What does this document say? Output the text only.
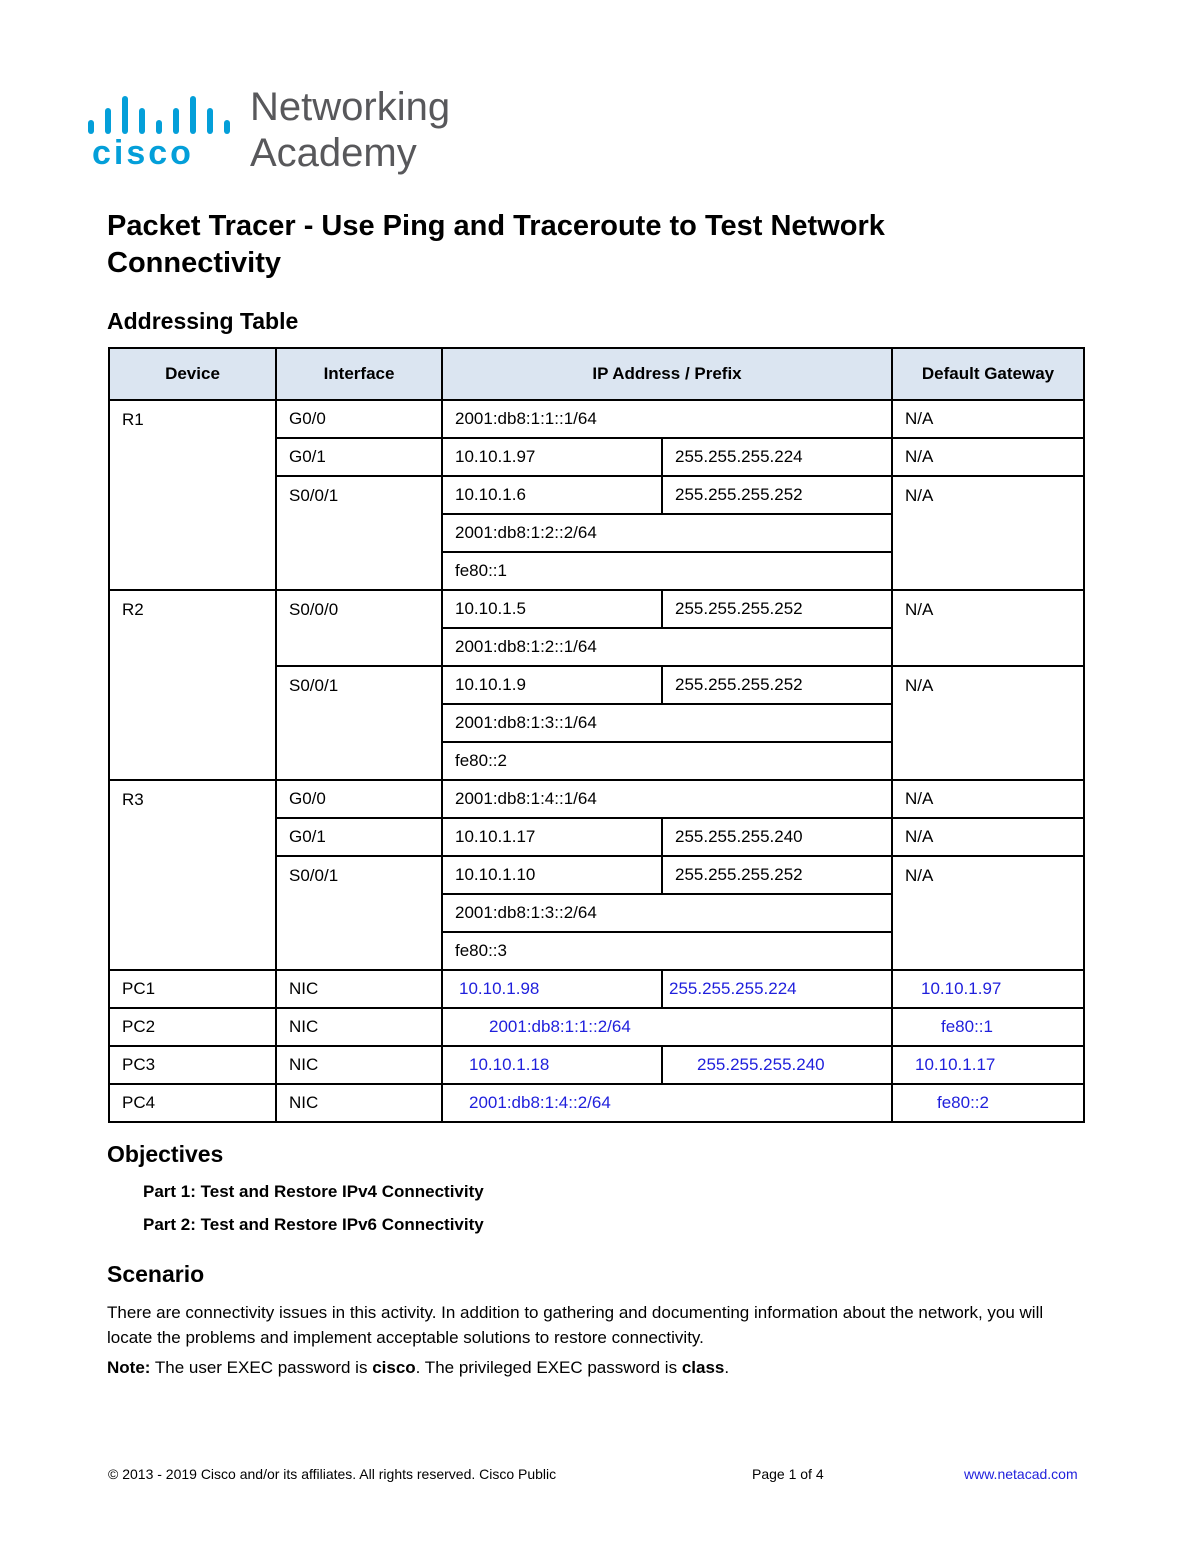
cisco
Networking
Academy
Packet Tracer - Use Ping and Traceroute to Test Network Connectivity
Addressing Table
Device	Interface	IP Address / Prefix		Default Gateway
R1	G0/0	2001:db8:1:1::1/64		N/A
	G0/1	10.10.1.97	255.255.255.224	N/A
	S0/0/1	10.10.1.6	255.255.255.252	N/A
		2001:db8:1:2::2/64		
		fe80::1		
R2	S0/0/0	10.10.1.5	255.255.255.252	N/A
		2001:db8:1:2::1/64		
	S0/0/1	10.10.1.9	255.255.255.252	N/A
		2001:db8:1:3::1/64		
		fe80::2		
R3	G0/0	2001:db8:1:4::1/64		N/A
	G0/1	10.10.1.17	255.255.255.240	N/A
	S0/0/1	10.10.1.10	255.255.255.252	N/A
		2001:db8:1:3::2/64		
		fe80::3		
PC1	NIC	10.10.1.98	255.255.255.224	10.10.1.97
PC2	NIC	2001:db8:1:1::2/64		fe80::1
PC3	NIC	10.10.1.18	255.255.255.240	10.10.1.17
PC4	NIC	2001:db8:1:4::2/64		fe80::2
Objectives
Part 1: Test and Restore IPv4 Connectivity
Part 2: Test and Restore IPv6 Connectivity
Scenario
There are connectivity issues in this activity. In addition to gathering and documenting information about the network, you will locate the problems and implement acceptable solutions to restore connectivity.
Note: The user EXEC password is cisco. The privileged EXEC password is class.
© 2013 - 2019 Cisco and/or its affiliates. All rights reserved. Cisco Public	Page 1 of 4	www.netacad.com
